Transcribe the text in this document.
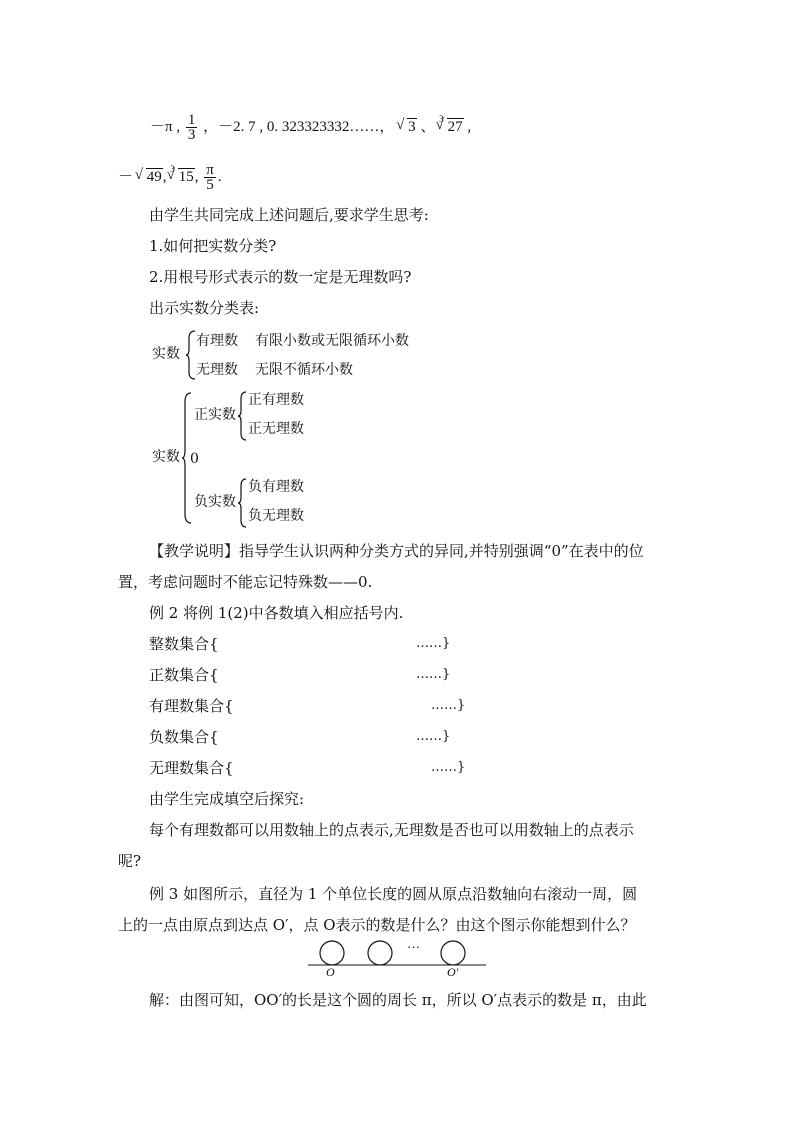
－π , $\frac{1}{3}$ ，－2. 7 , 0. 323323332……， √ 3 、 $^3$ √ 27 ,
－ √ 49, $^3$ √ 15, $\frac{\pi}{5}$ .
由学生共同完成上述问题后,要求学生思考:
1.如何把实数分类?
2.用根号形式表示的数一定是无理数吗?
出示实数分类表:
实数
有理数 有限小数或无限循环小数
无理数 无限不循环小数
实数
正实数
正有理数
正无理数
0
负实数
负有理数
负无理数
【教学说明】指导学生认识两种分类方式的异同,并特别强调“0”在表中的位
置，考虑问题时不能忘记特殊数——0.
例 2 将例 1(2)中各数填入相应括号内.
整数集合{	……}
正数集合{	……}
有理数集合{	……}
负数集合{	……}
无理数集合{	……}
由学生完成填空后探究:
每个有理数都可以用数轴上的点表示,无理数是否也可以用数轴上的点表示
呢?
例 3 如图所示，直径为 1 个单位长度的圆从原点沿数轴向右滚动一周，圆
上的一点由原点到达点 O′，点 O表示的数是什么？由这个图示你能想到什么？
···
O	O′
解：由图可知，OO′的长是这个圆的周长 π，所以 O′点表示的数是 π，由此
